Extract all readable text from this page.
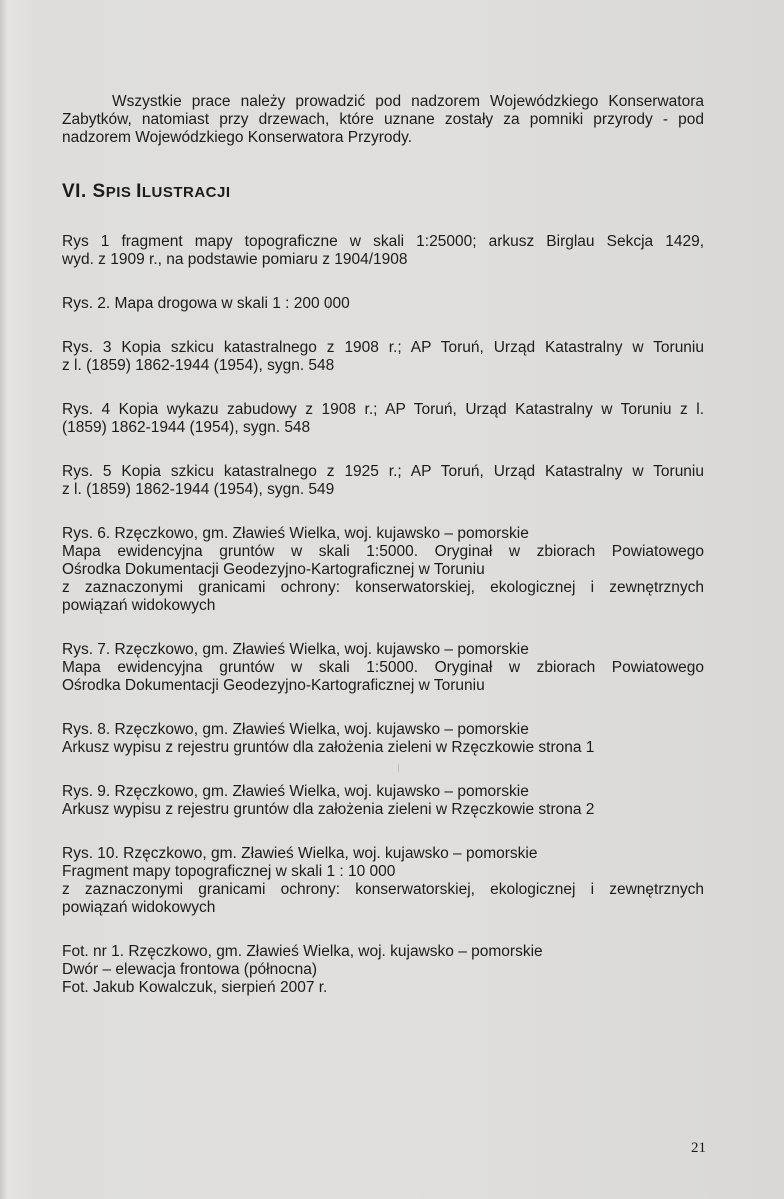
Wszystkie prace należy prowadzić pod nadzorem Wojewódzkiego Konserwatora Zabytków, natomiast przy drzewach, które uznane zostały za pomniki przyrody - pod nadzorem Wojewódzkiego Konserwatora Przyrody.

VI. SPIS ILUSTRACJI
Rys 1 fragment mapy topograficzne w skali 1:25000; arkusz Birglau Sekcja 1429,
wyd. z 1909 r., na podstawie pomiaru z 1904/1908
Rys. 2. Mapa drogowa w skali 1 : 200 000
Rys. 3 Kopia szkicu katastralnego z 1908 r.; AP Toruń, Urząd Katastralny w Toruniu
z l. (1859) 1862-1944 (1954), sygn. 548
Rys. 4 Kopia wykazu zabudowy z 1908 r.; AP Toruń, Urząd Katastralny w Toruniu z l.
(1859) 1862-1944 (1954), sygn. 548
Rys. 5 Kopia szkicu katastralnego z 1925 r.; AP Toruń, Urząd Katastralny w Toruniu
z l. (1859) 1862-1944 (1954), sygn. 549
Rys. 6. Rzęczkowo, gm. Zławieś Wielka, woj. kujawsko – pomorskie
Mapa ewidencyjna gruntów w skali 1:5000. Oryginał w zbiorach Powiatowego
Ośrodka Dokumentacji Geodezyjno-Kartograficznej w Toruniu
z zaznaczonymi granicami ochrony: konserwatorskiej, ekologicznej i zewnętrznych
powiązań widokowych
Rys. 7. Rzęczkowo, gm. Zławieś Wielka, woj. kujawsko – pomorskie
Mapa ewidencyjna gruntów w skali 1:5000. Oryginał w zbiorach Powiatowego
Ośrodka Dokumentacji Geodezyjno-Kartograficznej w Toruniu
Rys. 8. Rzęczkowo, gm. Zławieś Wielka, woj. kujawsko – pomorskie
Arkusz wypisu z rejestru gruntów dla założenia zieleni w Rzęczkowie strona 1
Rys. 9. Rzęczkowo, gm. Zławieś Wielka, woj. kujawsko – pomorskie
Arkusz wypisu z rejestru gruntów dla założenia zieleni w Rzęczkowie strona 2
Rys. 10. Rzęczkowo, gm. Zławieś Wielka, woj. kujawsko – pomorskie
Fragment mapy topograficznej w skali 1 : 10 000
z zaznaczonymi granicami ochrony: konserwatorskiej, ekologicznej i zewnętrznych
powiązań widokowych
Fot. nr 1. Rzęczkowo, gm. Zławieś Wielka, woj. kujawsko – pomorskie
Dwór – elewacja frontowa (północna)
Fot. Jakub Kowalczuk, sierpień 2007 r.
21
